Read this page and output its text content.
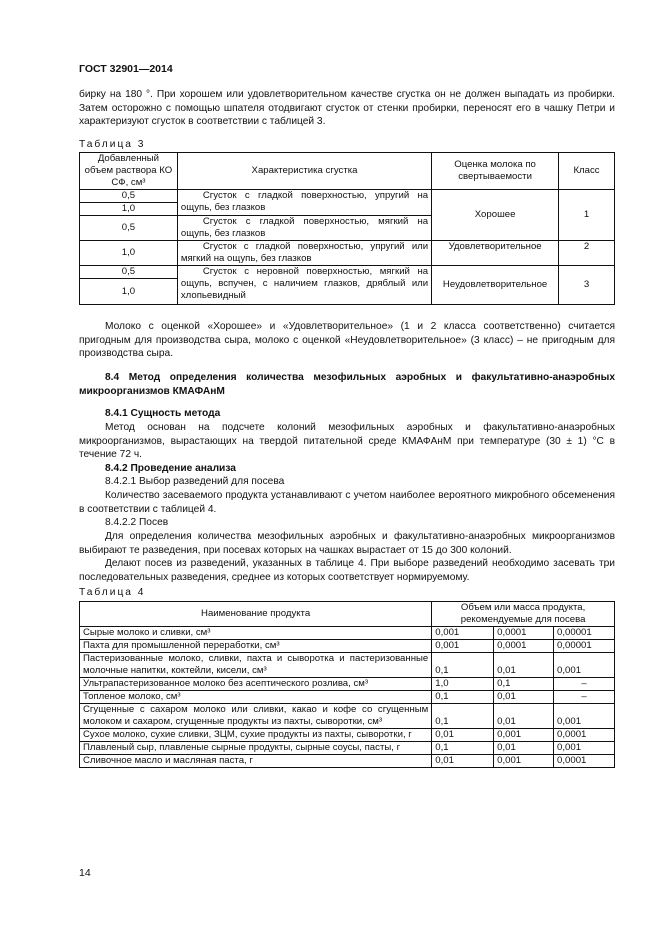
ГОСТ 32901—2014

бирку на 180 °. При хорошем или удовлетворительном качестве сгустка он не должен выпадать из пробирки. Затем осторожно с помощью шпателя отодвигают сгусток от стенки пробирки, переносят его в чашку Петри и характеризуют сгусток в соответствии с таблицей 3.

Таблица 3
Добавленный объем раствора КО СФ, см³	Характеристика сгустка	Оценка молока по свертываемости	Класс
0,5	Сгусток с гладкой поверхностью, упругий на ощупь, без глазков	Хорошее	1
1,0			
0,5	Сгусток с гладкой поверхностью, мягкий на ощупь, без глазков		
1,0	Сгусток с гладкой поверхностью, упругий или мягкий на ощупь, без глазков	Удовлетворительное	2
0,5	Сгусток с неровной поверхностью, мягкий на ощупь, вспучен, с наличием глазков, дряблый или хлопьевидный	Неудовлетворительное	3
1,0			

Молоко с оценкой «Хорошее» и «Удовлетворительное» (1 и 2 класса соответственно) считается пригодным для производства сыра, молоко с оценкой «Неудовлетворительное» (3 класс) – не пригодным для производства сыра.

8.4 Метод определения количества мезофильных аэробных и факультативно-анаэробных микроорганизмов КМАФАнМ

8.4.1 Сущность метода

Метод основан на подсчете колоний мезофильных аэробных и факультативно-анаэробных микроорганизмов, вырастающих на твердой питательной среде КМАФАнМ при температуре (30 ± 1) °С в течение 72 ч.

8.4.2 Проведение анализа

8.4.2.1 Выбор разведений для посева

Количество засеваемого продукта устанавливают с учетом наиболее вероятного микробного обсеменения в соответствии с таблицей 4.

8.4.2.2 Посев

Для определения количества мезофильных аэробных и факультативно-анаэробных микроорганизмов выбирают те разведения, при посевах которых на чашках вырастает от 15 до 300 колоний.

Делают посев из разведений, указанных в таблице 4. При выборе разведений необходимо засевать три последовательных разведения, среднее из которых соответствует нормируемому.

Таблица 4
Наименование продукта	Объем или масса продукта, рекомендуемые для посева		
Сырые молоко и сливки, см³	0,001	0,0001	0,00001
Пахта для промышленной переработки, см³	0,001	0,0001	0,00001
Пастеризованные молоко, сливки, пахта и сыворотка и пастеризованные молочные напитки, коктейли, кисели, см³	0,1	0,01	0,001
Ультрапастеризованное молоко без асептического розлива, см³	1,0	0,1	–
Топленое молоко, см³	0,1	0,01	–
Сгущенные с сахаром молоко или сливки, какао и кофе со сгущенным молоком и сахаром, сгущенные продукты из пахты, сыворотки, см³	0,1	0,01	0,001
Сухое молоко, сухие сливки, ЗЦМ, сухие продукты из пахты, сыворотки, г	0,01	0,001	0,0001
Плавленый сыр, плавленые сырные продукты, сырные соусы, пасты, г	0,1	0,01	0,001
Сливочное масло и масляная паста, г	0,01	0,001	0,0001
14
